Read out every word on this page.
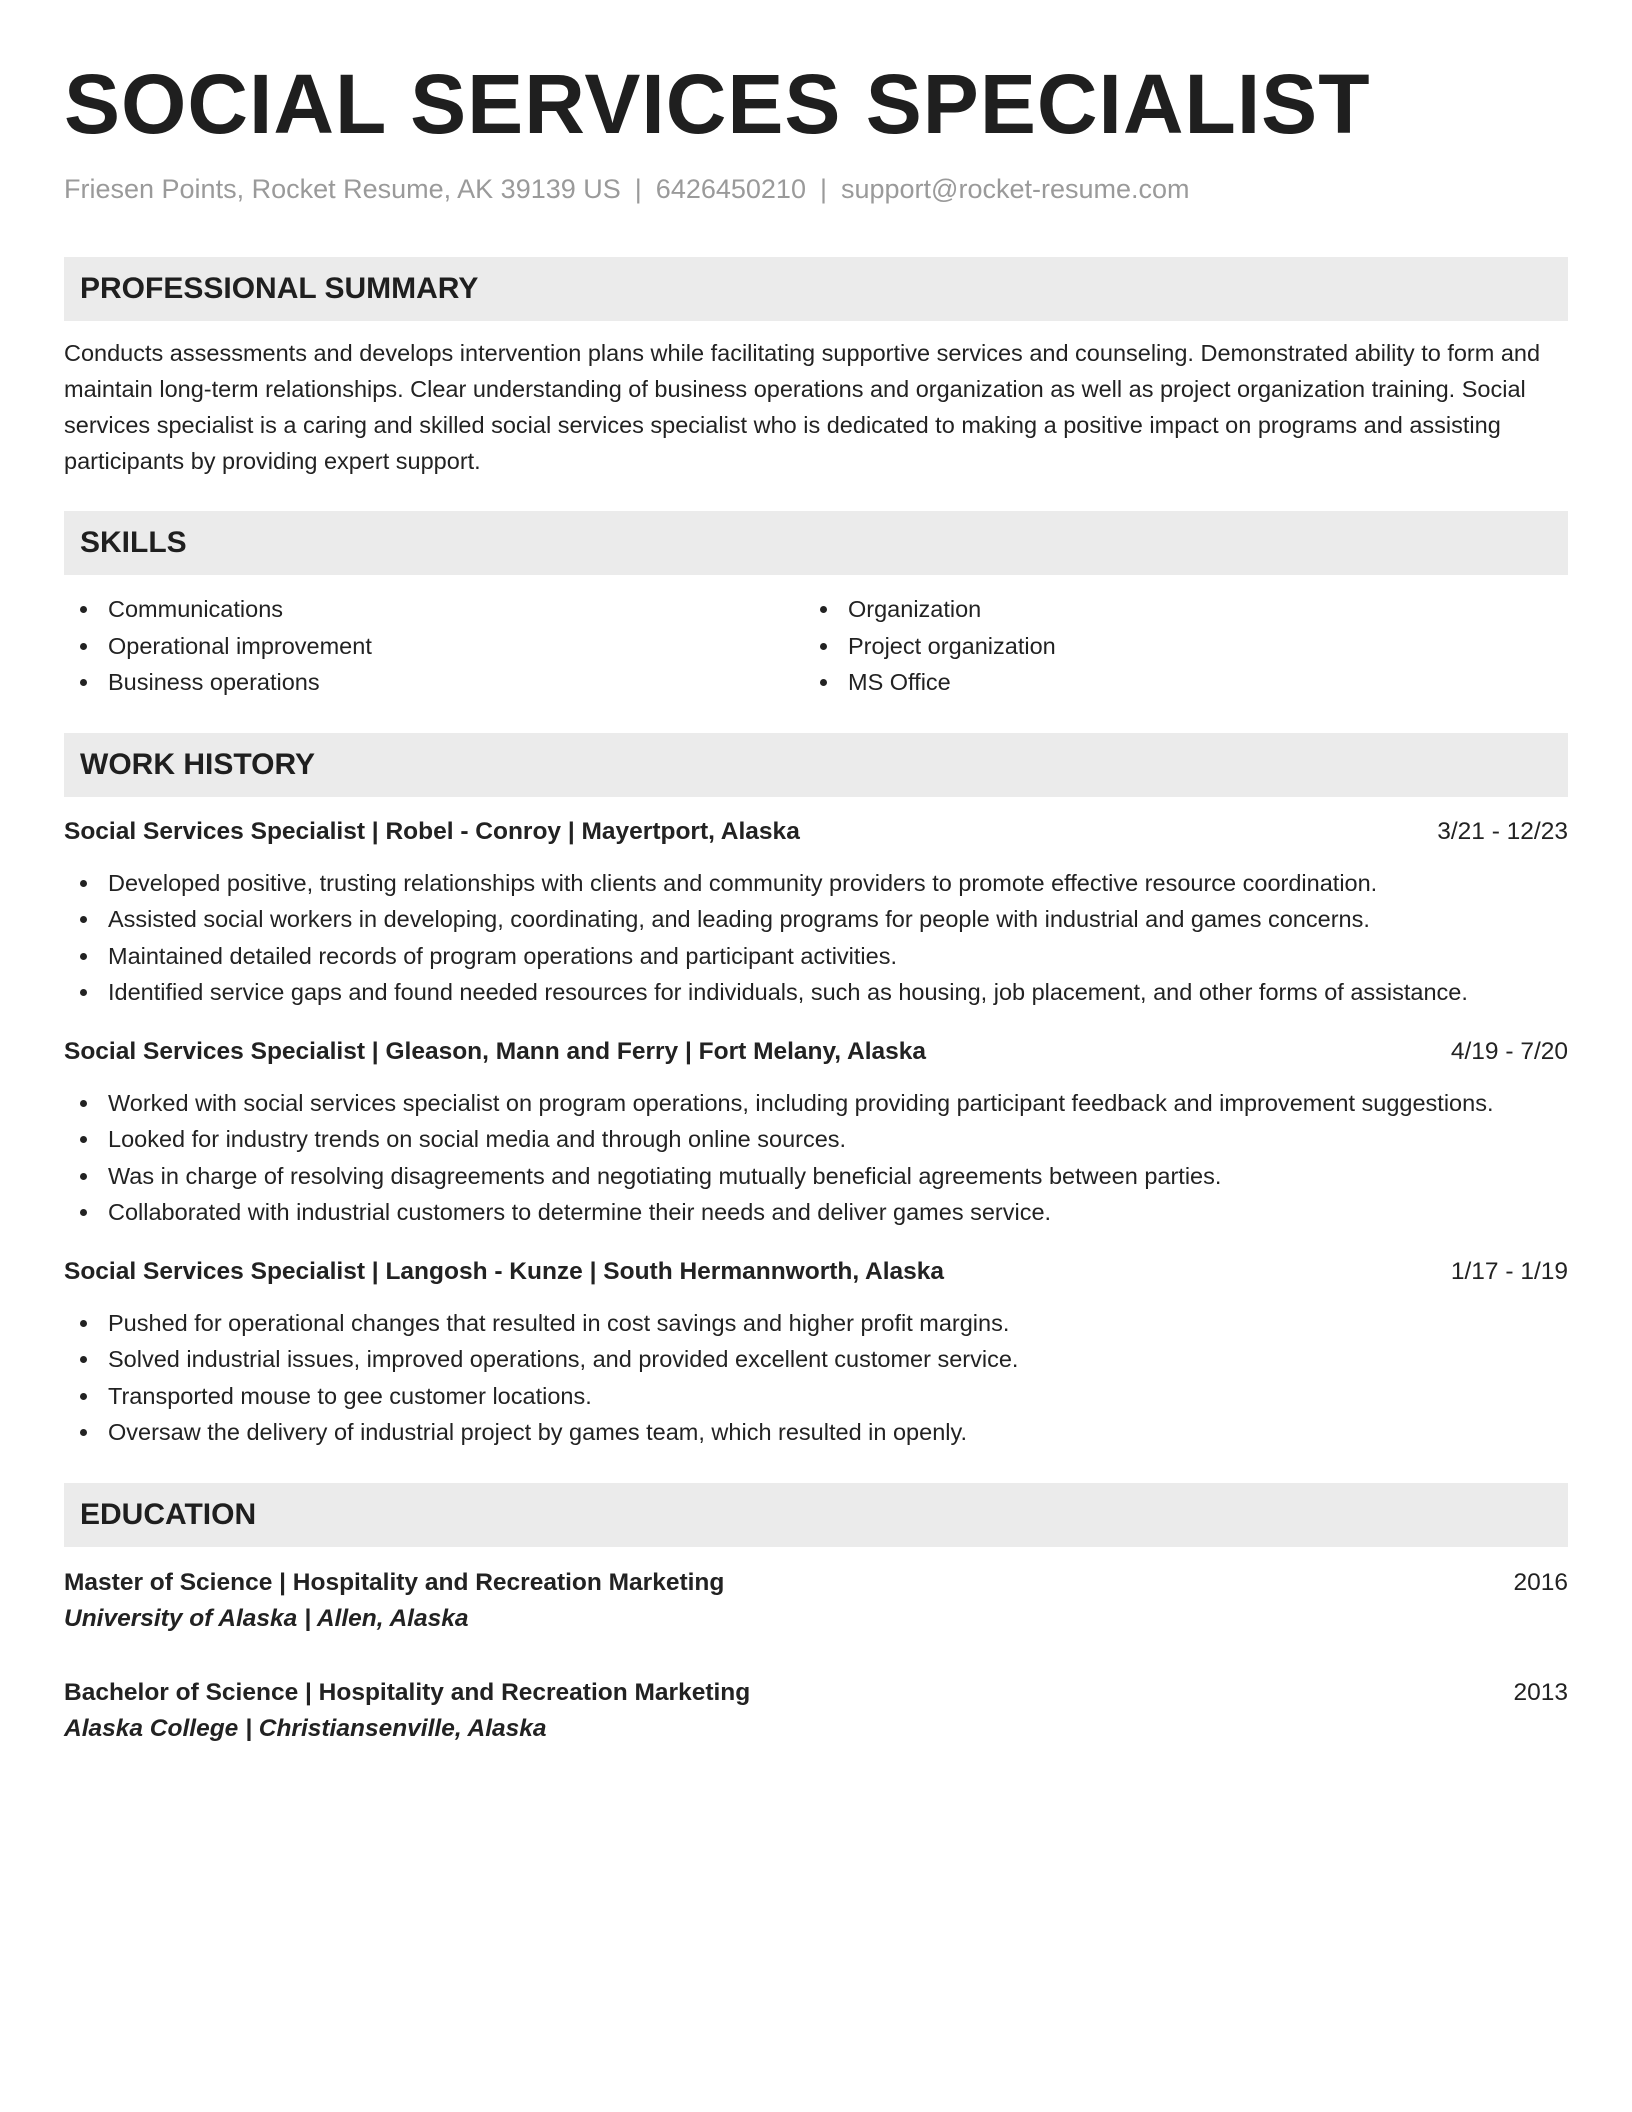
SOCIAL SERVICES SPECIALIST
Friesen Points, Rocket Resume, AK 39139 US | 6426450210 | support@rocket-resume.com
PROFESSIONAL SUMMARY

Conducts assessments and develops intervention plans while facilitating supportive services and counseling. Demonstrated ability to form and maintain long-term relationships. Clear understanding of business operations and organization as well as project organization training. Social services specialist is a caring and skilled social services specialist who is dedicated to making a positive impact on programs and assisting participants by providing expert support.

SKILLS
Communications
Operational improvement
Business operations
Organization
Project organization
MS Office
WORK HISTORY
Social Services Specialist | Robel - Conroy | Mayertport, Alaska	3/21 - 12/23
Developed positive, trusting relationships with clients and community providers to promote effective resource coordination.
Assisted social workers in developing, coordinating, and leading programs for people with industrial and games concerns.
Maintained detailed records of program operations and participant activities.
Identified service gaps and found needed resources for individuals, such as housing, job placement, and other forms of assistance.
Social Services Specialist | Gleason, Mann and Ferry | Fort Melany, Alaska	4/19 - 7/20
Worked with social services specialist on program operations, including providing participant feedback and improvement suggestions.
Looked for industry trends on social media and through online sources.
Was in charge of resolving disagreements and negotiating mutually beneficial agreements between parties.
Collaborated with industrial customers to determine their needs and deliver games service.
Social Services Specialist | Langosh - Kunze | South Hermannworth, Alaska	1/17 - 1/19
Pushed for operational changes that resulted in cost savings and higher profit margins.
Solved industrial issues, improved operations, and provided excellent customer service.
Transported mouse to gee customer locations.
Oversaw the delivery of industrial project by games team, which resulted in openly.
EDUCATION
Master of Science | Hospitality and Recreation Marketing	2016
University of Alaska | Allen, Alaska
Bachelor of Science | Hospitality and Recreation Marketing	2013
Alaska College | Christiansenville, Alaska
